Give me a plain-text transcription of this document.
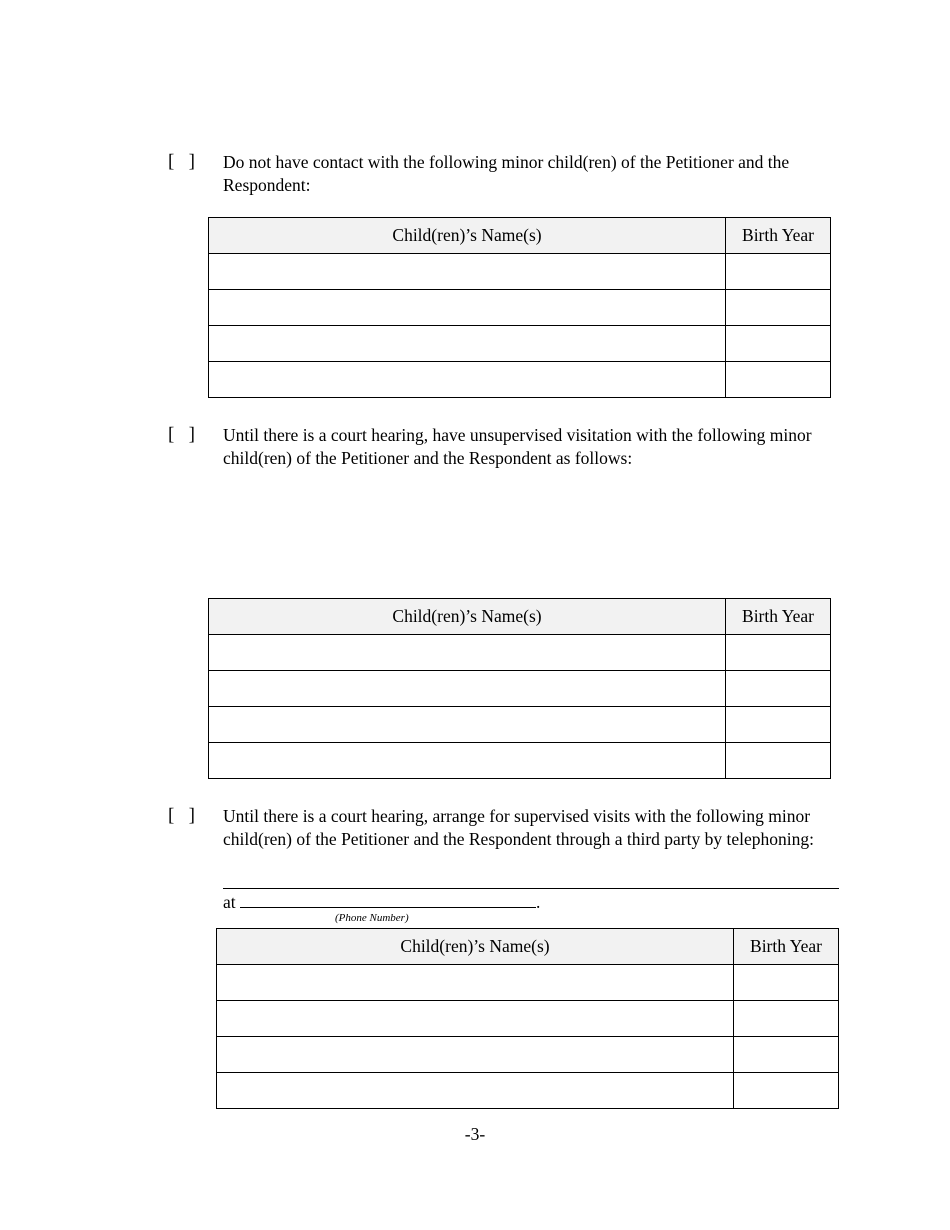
[   ] Do not have contact with the following minor child(ren) of the Petitioner and the Respondent:
Child(ren)’s Name(s)	Birth Year

[   ] Until there is a court hearing, have unsupervised visitation with the following minor child(ren) of the Petitioner and the Respondent as follows:
Child(ren)’s Name(s)	Birth Year

[   ] Until there is a court hearing, arrange for supervised visits with the following minor child(ren) of the Petitioner and the Respondent through a third party by telephoning:
at	.
(Phone Number)
Child(ren)’s Name(s)	Birth Year

-3-
